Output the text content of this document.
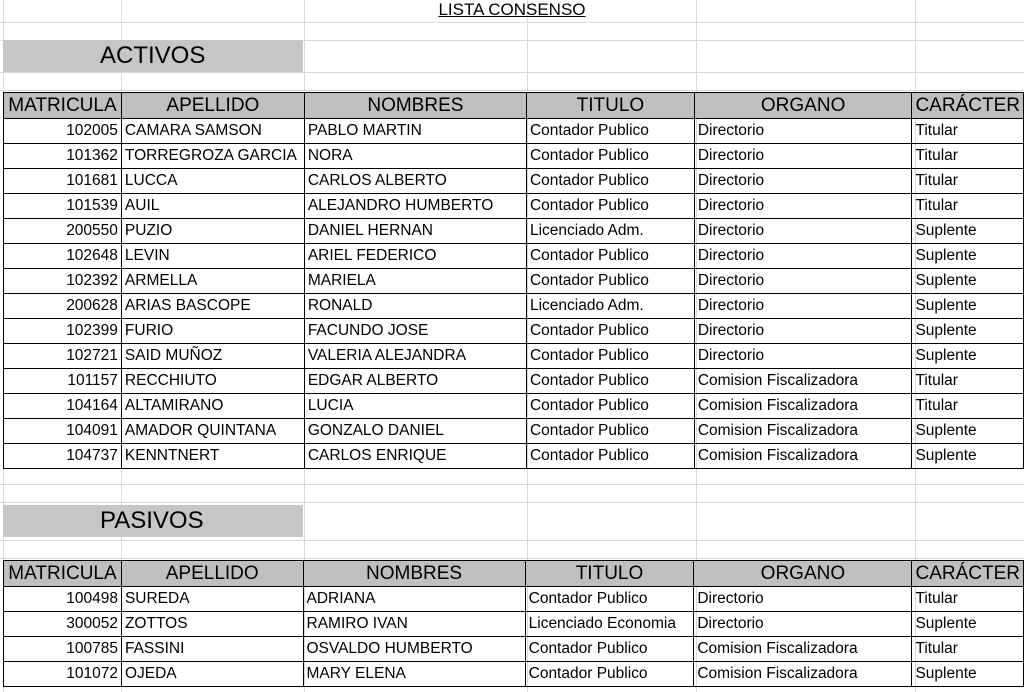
LISTA CONSENSO
ACTIVOS
MATRICULA	APELLIDO	NOMBRES	TITULO	ORGANO	CARÁCTER
102005	CAMARA SAMSON	PABLO MARTIN	Contador Publico	Directorio	Titular
101362	TORREGROZA GARCIA	NORA	Contador Publico	Directorio	Titular
101681	LUCCA	CARLOS ALBERTO	Contador Publico	Directorio	Titular
101539	AUIL	ALEJANDRO HUMBERTO	Contador Publico	Directorio	Titular
200550	PUZIO	DANIEL HERNAN	Licenciado Adm.	Directorio	Suplente
102648	LEVIN	ARIEL FEDERICO	Contador Publico	Directorio	Suplente
102392	ARMELLA	MARIELA	Contador Publico	Directorio	Suplente
200628	ARIAS BASCOPE	RONALD	Licenciado Adm.	Directorio	Suplente
102399	FURIO	FACUNDO JOSE	Contador Publico	Directorio	Suplente
102721	SAID MUÑOZ	VALERIA ALEJANDRA	Contador Publico	Directorio	Suplente
101157	RECCHIUTO	EDGAR ALBERTO	Contador Publico	Comision Fiscalizadora	Titular
104164	ALTAMIRANO	LUCIA	Contador Publico	Comision Fiscalizadora	Titular
104091	AMADOR QUINTANA	GONZALO DANIEL	Contador Publico	Comision Fiscalizadora	Suplente
104737	KENNTNERT	CARLOS ENRIQUE	Contador Publico	Comision Fiscalizadora	Suplente
PASIVOS
MATRICULA	APELLIDO	NOMBRES	TITULO	ORGANO	CARÁCTER
100498	SUREDA	ADRIANA	Contador Publico	Directorio	Titular
300052	ZOTTOS	RAMIRO IVAN	Licenciado Economia	Directorio	Suplente
100785	FASSINI	OSVALDO HUMBERTO	Contador Publico	Comision Fiscalizadora	Titular
101072	OJEDA	MARY ELENA	Contador Publico	Comision Fiscalizadora	Suplente
